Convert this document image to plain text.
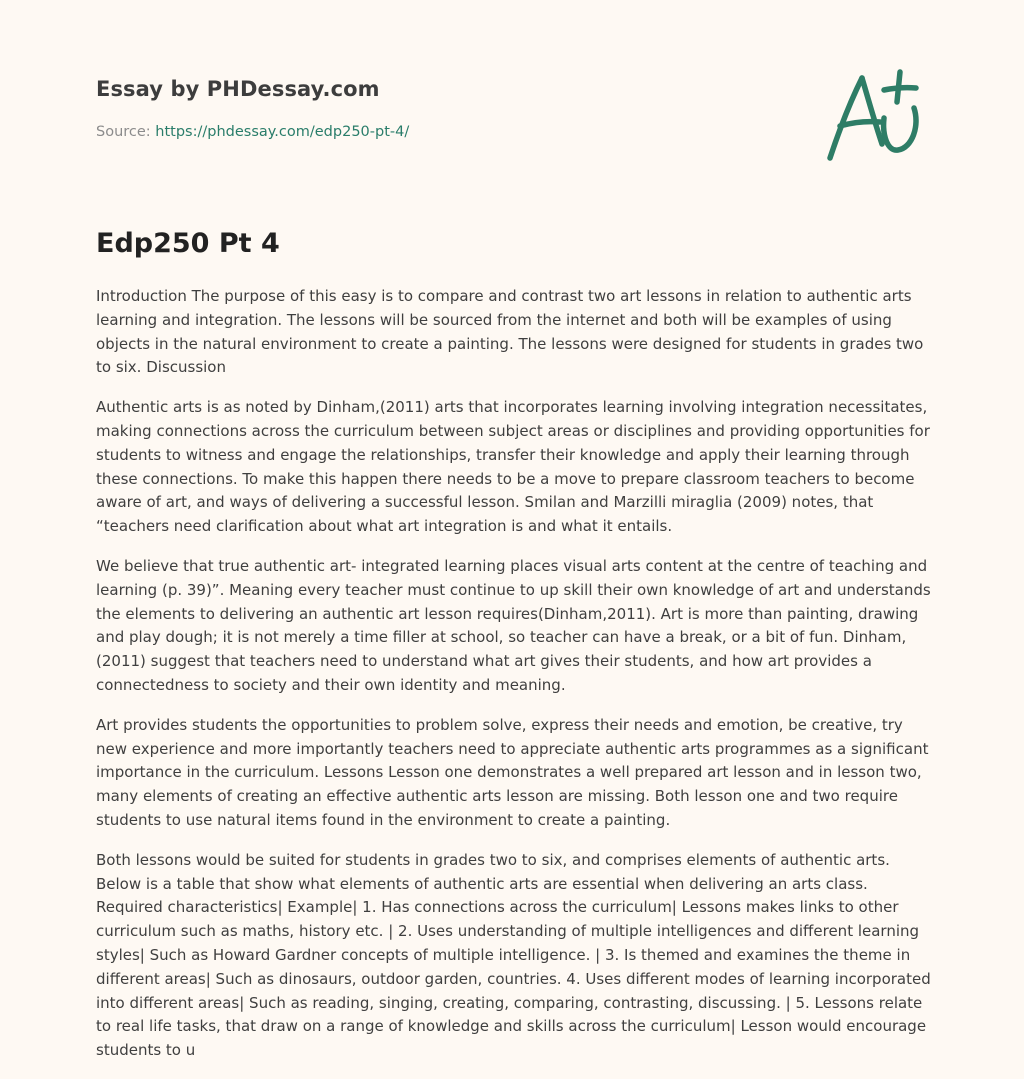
Essay by PHDessay.com
Source: https://phdessay.com/edp250-pt-4/
Edp250 Pt 4

Introduction The purpose of this easy is to compare and contrast two art lessons in relation to authentic arts learning and integration. The lessons will be sourced from the internet and both will be examples of using objects in the natural environment to create a painting. The lessons were designed for students in grades two to six. Discussion

Authentic arts is as noted by Dinham,(2011) arts that incorporates learning involving integration necessitates, making connections across the curriculum between subject areas or disciplines and providing opportunities for students to witness and engage the relationships, transfer their knowledge and apply their learning through these connections. To make this happen there needs to be a move to prepare classroom teachers to become aware of art, and ways of delivering a successful lesson. Smilan and Marzilli miraglia (2009) notes, that “teachers need clarification about what art integration is and what it entails.

We believe that true authentic art- integrated learning places visual arts content at the centre of teaching and learning (p. 39)”. Meaning every teacher must continue to up skill their own knowledge of art and understands the elements to delivering an authentic art lesson requires(Dinham,2011). Art is more than painting, drawing and play dough; it is not merely a time filler at school, so teacher can have a break, or a bit of fun. Dinham, (2011) suggest that teachers need to understand what art gives their students, and how art provides a connectedness to society and their own identity and meaning.

Art provides students the opportunities to problem solve, express their needs and emotion, be creative, try new experience and more importantly teachers need to appreciate authentic arts programmes as a significant importance in the curriculum. Lessons Lesson one demonstrates a well prepared art lesson and in lesson two, many elements of creating an effective authentic arts lesson are missing. Both lesson one and two require students to use natural items found in the environment to create a painting.

Both lessons would be suited for students in grades two to six, and comprises elements of authentic arts. Below is a table that show what elements of authentic arts are essential when delivering an arts class. Required characteristics| Example| 1. Has connections across the curriculum| Lessons makes links to other curriculum such as maths, history etc. | 2. Uses understanding of multiple intelligences and different learning styles| Such as Howard Gardner concepts of multiple intelligence. | 3. Is themed and examines the theme in different areas| Such as dinosaurs, outdoor garden, countries. 4. Uses different modes of learning incorporated into different areas| Such as reading, singing, creating, comparing, contrasting, discussing. | 5. Lessons relate to real life tasks, that draw on a range of knowledge and skills across the curriculum| Lesson would encourage students to u
